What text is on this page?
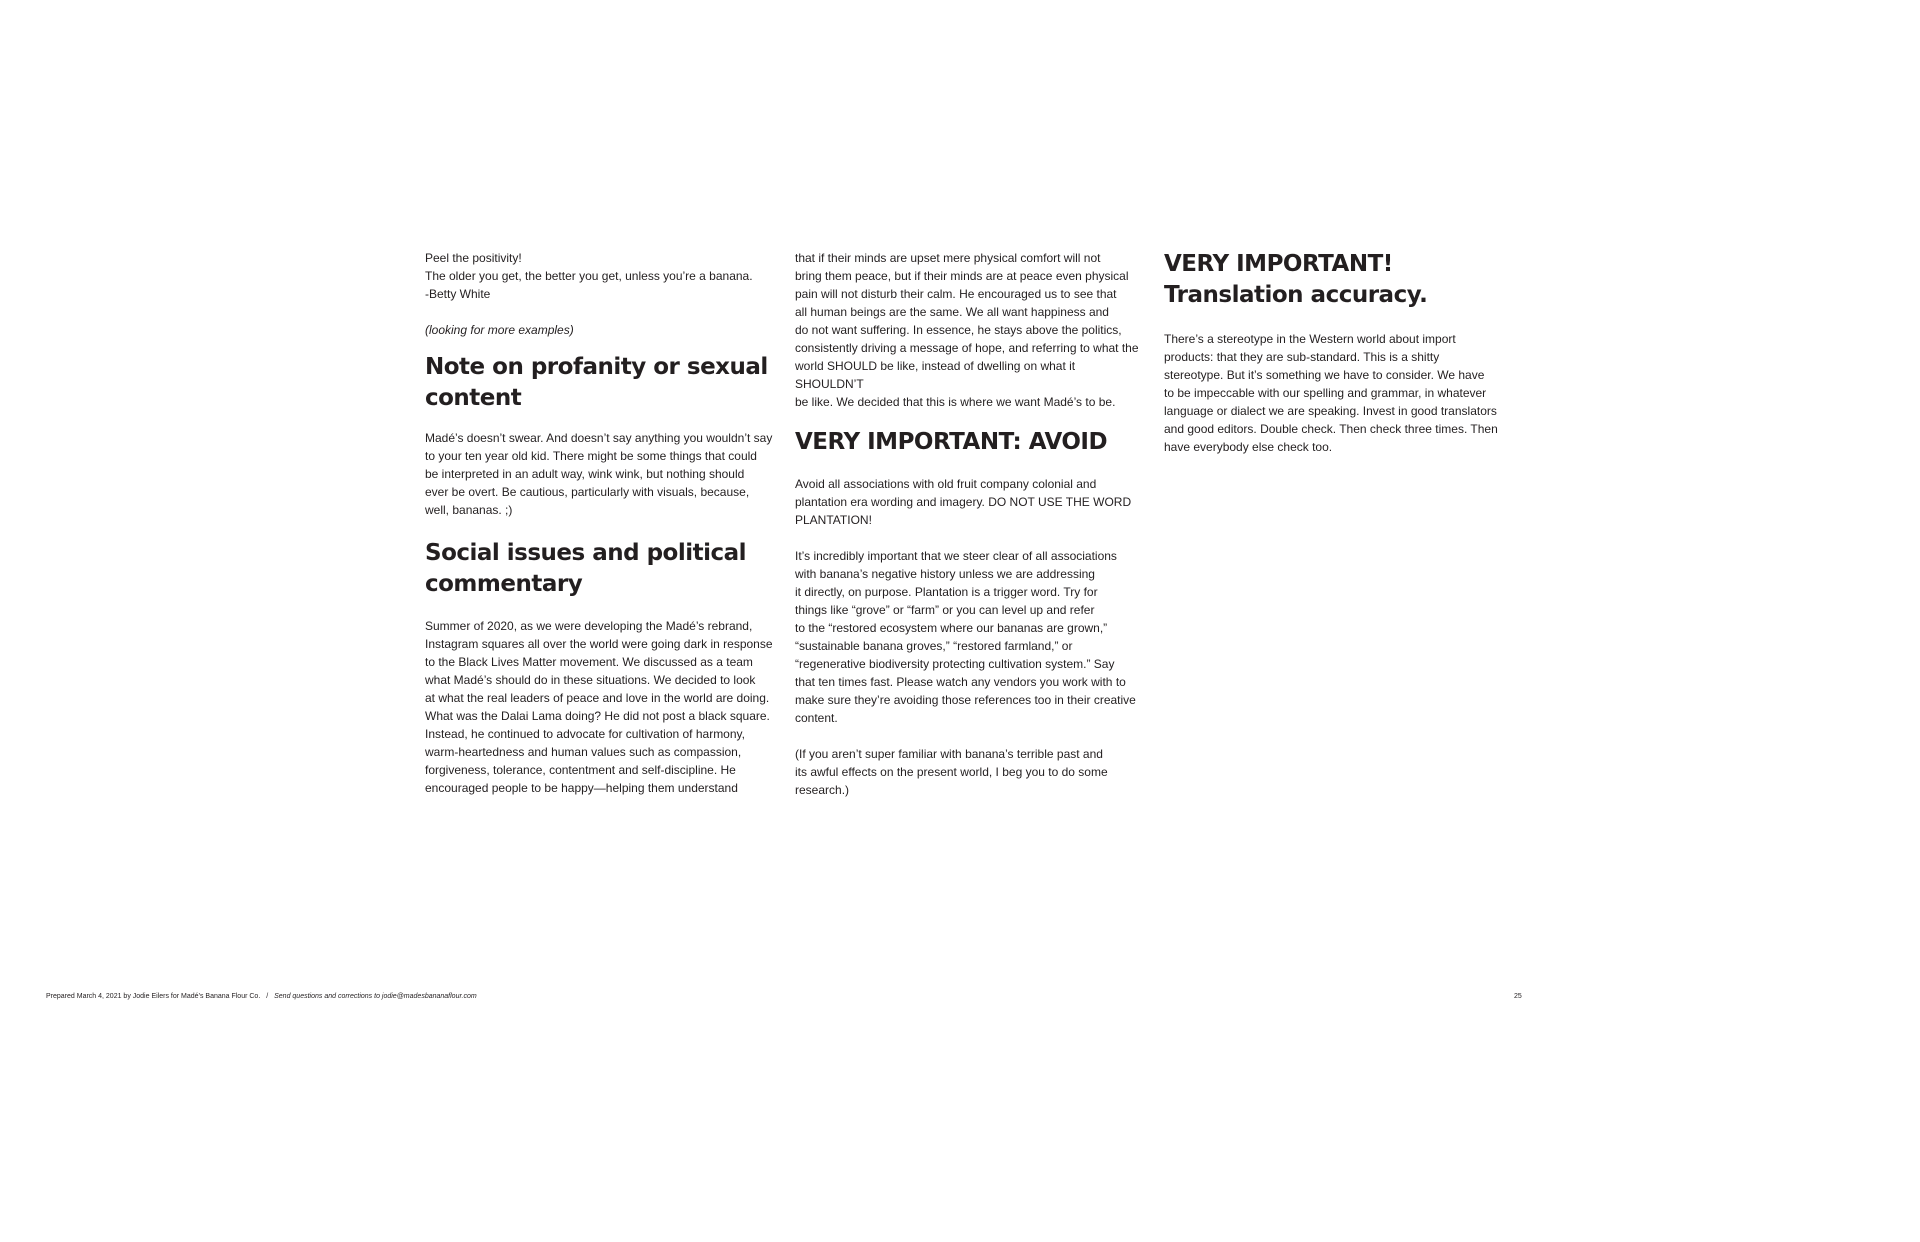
Peel the positivity!
The older you get, the better you get, unless you’re a banana.
-Betty White

(looking for more examples)

Note on profanity or sexual
content

Madé’s doesn’t swear. And doesn’t say anything you wouldn’t say
to your ten year old kid. There might be some things that could
be interpreted in an adult way, wink wink, but nothing should
ever be overt. Be cautious, particularly with visuals, because,
well, bananas. ;)

Social issues and political
commentary

Summer of 2020, as we were developing the Madé’s rebrand,
Instagram squares all over the world were going dark in response
to the Black Lives Matter movement. We discussed as a team
what Madé’s should do in these situations. We decided to look
at what the real leaders of peace and love in the world are doing.
What was the Dalai Lama doing? He did not post a black square.
Instead, he continued to advocate for cultivation of harmony,
warm-heartedness and human values such as compassion,
forgiveness, tolerance, contentment and self-discipline. He
encouraged people to be happy—helping them understand

that if their minds are upset mere physical comfort will not
bring them peace, but if their minds are at peace even physical
pain will not disturb their calm. He encouraged us to see that
all human beings are the same. We all want happiness and
do not want suffering. In essence, he stays above the politics,
consistently driving a message of hope, and referring to what the
world SHOULD be like, instead of dwelling on what it SHOULDN’T
be like. We decided that this is where we want Madé’s to be.

VERY IMPORTANT: AVOID

Avoid all associations with old fruit company colonial and
plantation era wording and imagery. DO NOT USE THE WORD
PLANTATION!

It’s incredibly important that we steer clear of all associations
with banana’s negative history unless we are addressing
it directly, on purpose. Plantation is a trigger word. Try for
things like “grove” or “farm” or you can level up and refer
to the “restored ecosystem where our bananas are grown,”
“sustainable banana groves,” “restored farmland,” or
“regenerative biodiversity protecting cultivation system.” Say
that ten times fast. Please watch any vendors you work with to
make sure they’re avoiding those references too in their creative
content.

(If you aren’t super familiar with banana’s terrible past and
its awful effects on the present world, I beg you to do some
research.)

VERY IMPORTANT!
Translation accuracy.

There’s a stereotype in the Western world about import
products: that they are sub-standard. This is a shitty
stereotype. But it’s something we have to consider. We have
to be impeccable with our spelling and grammar, in whatever
language or dialect we are speaking. Invest in good translators
and good editors. Double check. Then check three times. Then
have everybody else check too.

Prepared March 4, 2021 by Jodie Eilers for Madé’s Banana Flour Co. / Send questions and corrections to jodie@madesbananaflour.com	25
